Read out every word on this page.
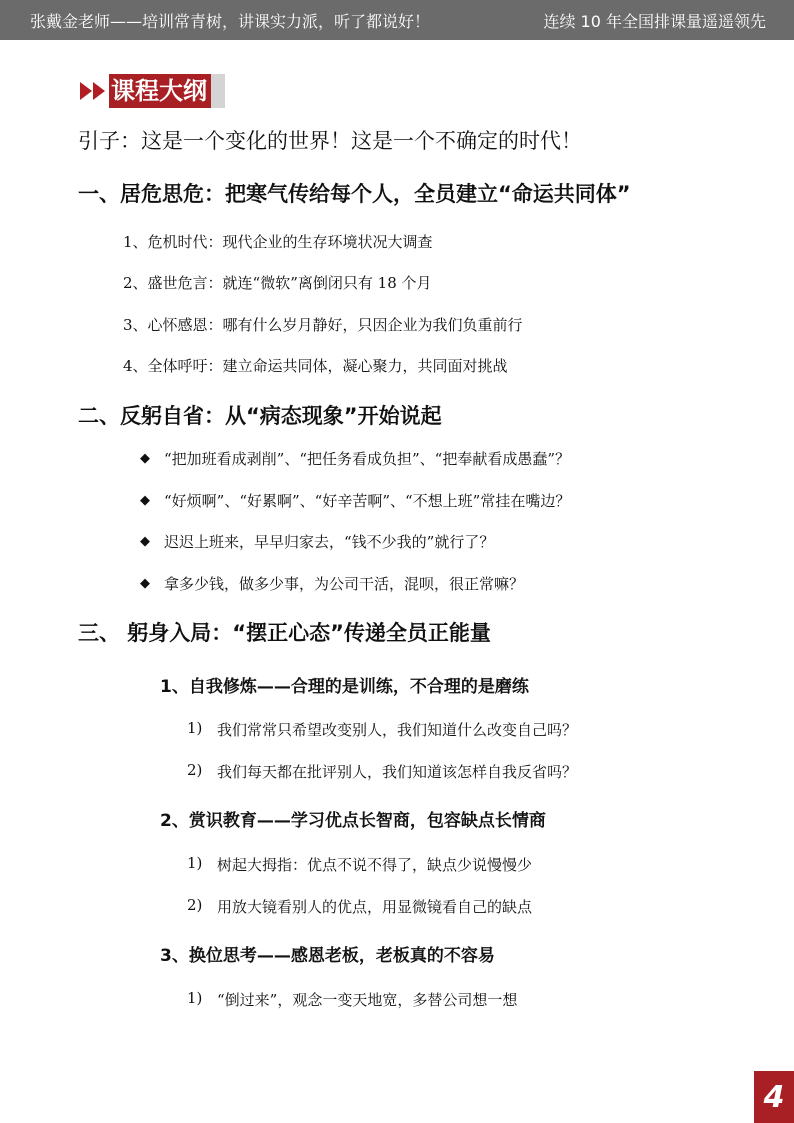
张戴金老师——培训常青树，讲课实力派，听了都说好！	连续 10 年全国排课量遥遥领先
课程大纲
引子：这是一个变化的世界！这是一个不确定的时代！
一、居危思危：把寒气传给每个人，全员建立“命运共同体”
1、危机时代：现代企业的生存环境状况大调查
2、盛世危言：就连“微软”离倒闭只有 18 个月
3、心怀感恩：哪有什么岁月静好，只因企业为我们负重前行
4、全体呼吁：建立命运共同体，凝心聚力，共同面对挑战
二、反躬自省：从“病态现象”开始说起
◆ “把加班看成剥削”、“把任务看成负担”、“把奉献看成愚蠢”？
◆ “好烦啊”、“好累啊”、“好辛苦啊”、“不想上班”常挂在嘴边？
◆ 迟迟上班来，早早归家去，“钱不少我的”就行了？
◆ 拿多少钱，做多少事，为公司干活，混呗，很正常嘛？
三、 躬身入局：“摆正心态”传递全员正能量
1、自我修炼——合理的是训练，不合理的是磨练
1) 我们常常只希望改变别人，我们知道什么改变自己吗？
2) 我们每天都在批评别人，我们知道该怎样自我反省吗？
2、赏识教育——学习优点长智商，包容缺点长情商
1) 树起大拇指：优点不说不得了，缺点少说慢慢少
2) 用放大镜看别人的优点，用显微镜看自己的缺点
3、换位思考——感恩老板，老板真的不容易
1) “倒过来”，观念一变天地宽，多替公司想一想
4
